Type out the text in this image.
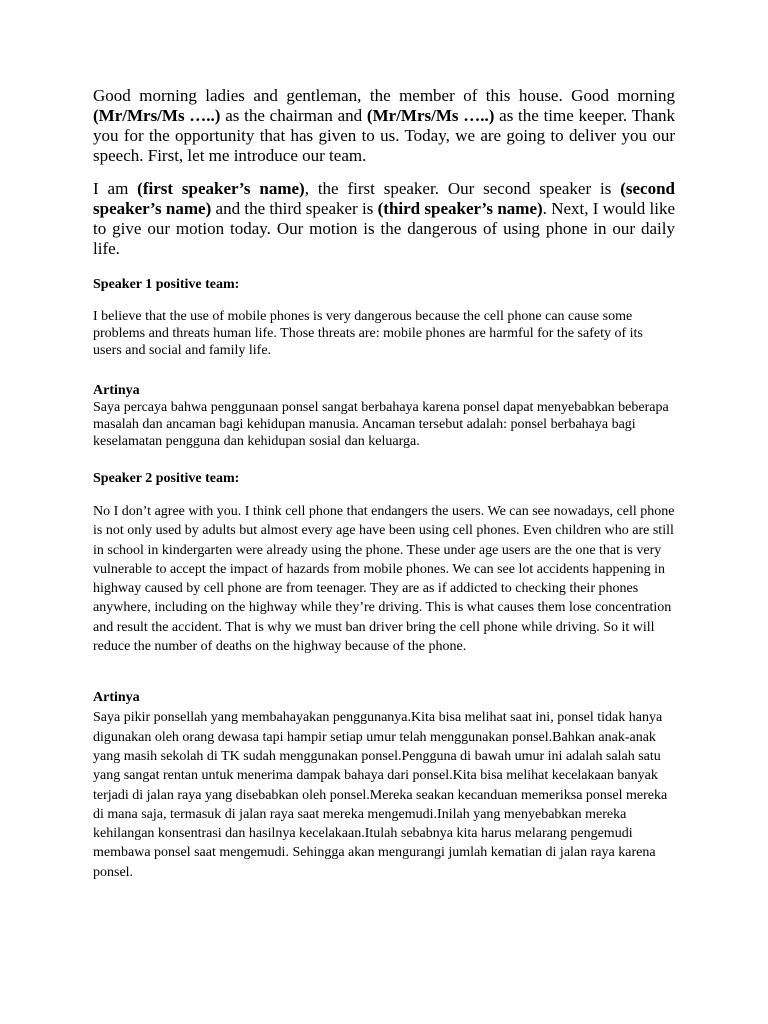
Good morning ladies and gentleman, the member of this house. Good morning (Mr/Mrs/Ms …..) as the chairman and (Mr/Mrs/Ms …..) as the time keeper. Thank you for the opportunity that has given to us. Today, we are going to deliver you our speech. First, let me introduce our team.

I am (first speaker’s name), the first speaker. Our second speaker is (second speaker’s name) and the third speaker is (third speaker’s name). Next, I would like to give our motion today. Our motion is the dangerous of using phone in our daily life.

Speaker 1 positive team:

I believe that the use of mobile phones is very dangerous because the cell phone can cause some problems and threats human life. Those threats are: mobile phones are harmful for the safety of its users and social and family life.

Artinya

Saya percaya bahwa penggunaan ponsel sangat berbahaya karena ponsel dapat menyebabkan beberapa masalah dan ancaman bagi kehidupan manusia. Ancaman tersebut adalah: ponsel berbahaya bagi keselamatan pengguna dan kehidupan sosial dan keluarga.

Speaker 2 positive team:

No I don’t agree with you. I think cell phone that endangers the users. We can see nowadays, cell phone is not only used by adults but almost every age have been using cell phones. Even children who are still in school in kindergarten were already using the phone. These under age users are the one that is very vulnerable to accept the impact of hazards from mobile phones. We can see lot accidents happening in highway caused by cell phone are from teenager. They are as if addicted to checking their phones anywhere, including on the highway while they’re driving. This is what causes them lose concentration and result the accident. That is why we must ban driver bring the cell phone while driving. So it will reduce the number of deaths on the highway because of the phone.

Artinya

Saya pikir ponsellah yang membahayakan penggunanya.Kita bisa melihat saat ini, ponsel tidak hanya digunakan oleh orang dewasa tapi hampir setiap umur telah menggunakan ponsel.Bahkan anak-anak yang masih sekolah di TK sudah menggunakan ponsel.Pengguna di bawah umur ini adalah salah satu yang sangat rentan untuk menerima dampak bahaya dari ponsel.Kita bisa melihat kecelakaan banyak terjadi di jalan raya yang disebabkan oleh ponsel.Mereka seakan kecanduan memeriksa ponsel mereka di mana saja, termasuk di jalan raya saat mereka mengemudi.Inilah yang menyebabkan mereka kehilangan konsentrasi dan hasilnya kecelakaan.Itulah sebabnya kita harus melarang pengemudi membawa ponsel saat mengemudi. Sehingga akan mengurangi jumlah kematian di jalan raya karena ponsel.
